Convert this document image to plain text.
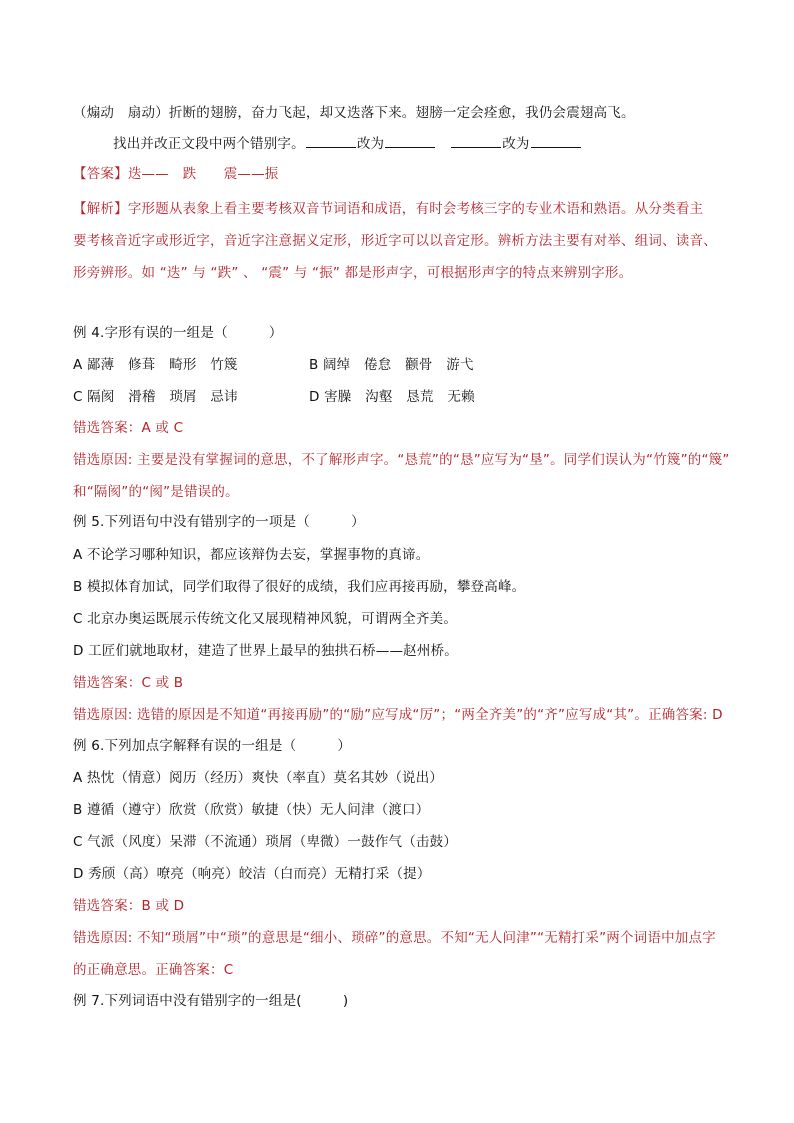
（煽动　扇动）折断的翅膀，奋力飞起，却又迭落下来。翅膀一定会痊愈，我仍会震翅高飞。
找出并改正文段中两个错别字。	改为	改为
【答案】迭——　跌　　震——振
【解析】字形题从表象上看主要考核双音节词语和成语，有时会考核三字的专业术语和熟语。从分类看主
要考核音近字或形近字，音近字注意据义定形，形近字可以以音定形。辨析方法主要有对举、组词、读音、
形旁辨形。如 “迭” 与 “跌” 、 “震” 与 “振” 都是形声字，可根据形声字的特点来辨别字形。
例 4.字形有误的一组是（　　　）
A 鄙薄　修葺　畸形　竹篾	B 阔绰　倦怠　颧骨　游弋
C 隔阂　滑稽　琐屑　忌讳	D 害臊　沟壑　恳荒　无赖
错选答案：A 或 C
错选原因: 主要是没有掌握词的意思，不了解形声字。“恳荒”的“恳”应写为“垦”。同学们误认为“竹篾”的“篾”
和“隔阂”的“阂”是错误的。
例 5.下列语句中没有错别字的一项是（　　　）
A 不论学习哪种知识，都应该辩伪去妄，掌握事物的真谛。
B 模拟体育加试，同学们取得了很好的成绩，我们应再接再励，攀登高峰。
C 北京办奥运既展示传统文化又展现精神风貌，可谓两全齐美。
D 工匠们就地取材，建造了世界上最早的独拱石桥——赵州桥。
错选答案：C 或 B
错选原因: 选错的原因是不知道“再接再励”的“励”应写成“厉”；“两全齐美”的“齐”应写成“其”。正确答案: D
例 6.下列加点字解释有误的一组是（　　　）
A 热忱（情意）阅历（经历）爽快（率直）莫名其妙（说出）
B 遵循（遵守）欣赏（欣赏）敏捷（快）无人问津（渡口）
C 气派（风度）呆滞（不流通）琐屑（卑微）一鼓作气（击鼓）
D 秀颀（高）嘹亮（响亮）皎洁（白而亮）无精打采（提）
错选答案：B 或 D
错选原因: 不知“琐屑”中“琐”的意思是“细小、琐碎”的意思。不知“无人问津”“无精打采”两个词语中加点字
的正确意思。正确答案：C
例 7.下列词语中没有错别字的一组是(　　　)
